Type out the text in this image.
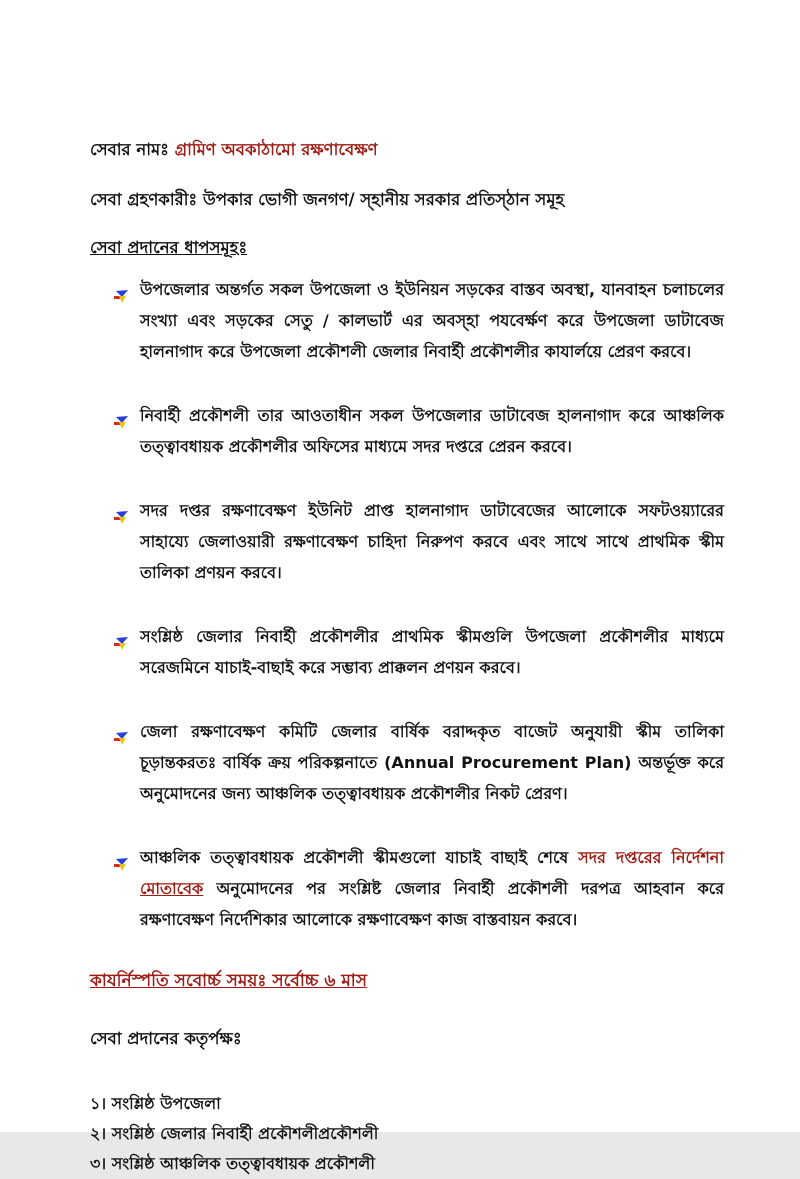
সেবার নামঃ গ্রামিণ অবকাঠামো রক্ষণাবেক্ষণ
সেবা গ্রহণকারীঃ উপকার ভোগী জনগণ/ স্হানীয় সরকার প্রতিস্ঠান সমূহ
সেবা প্রদানের ধাপসমূহঃ
উপজেলার অন্তর্গত সকল উপজেলা ও ইউনিয়ন সড়কের বাস্তব অবস্থা, যানবাহন চলাচলের সংখ্যা এবং সড়কের সেতু / কালভার্ট এর অবস্হা পযবের্ক্ষণ করে উপজেলা ডাটাবেজ হালনাগাদ করে উপজেলা প্রকৌশলী জেলার নিবার্হী প্রকৌশলীর কাযার্লয়ে প্রেরণ করবে।
নিবার্হী প্রকৌশলী তার আওতাধীন সকল উপজেলার ডাটাবেজ হালনাগাদ করে আঞ্চলিক তত্ত্বাবধায়ক প্রকৌশলীর অফিসের মাধ্যমে সদর দপ্তরে প্রেরন করবে।
সদর দপ্তর রক্ষণাবেক্ষণ ইউনিট প্রাপ্ত হালনাগাদ ডাটাবেজের আলোকে সফটওয়্যারের সাহায্যে জেলাওয়ারী রক্ষণাবেক্ষণ চাহিদা নিরুপণ করবে এবং সাথে সাথে প্রাথমিক স্কীম তালিকা প্রণয়ন করবে।
সংশ্লিষ্ঠ জেলার নিবার্হী প্রকৌশলীর প্রাথমিক স্কীমগুলি উপজেলা প্রকৌশলীর মাধ্যমে সরেজমিনে যাচাই-বাছাই করে সম্ভাব্য প্রাক্কলন প্রণয়ন করবে।
জেলা রক্ষণাবেক্ষণ কমিটি জেলার বার্ষিক বরাদ্দকৃত বাজেট অনুযায়ী স্কীম তালিকা চূড়ান্তকরতঃ বার্ষিক ক্রয় পরিকল্পনাতে (Annual Procurement Plan) অন্তর্ভূক্ত করে অনুমোদনের জন্য আঞ্চলিক তত্ত্বাবধায়ক প্রকৌশলীর নিকট প্রেরণ।
আঞ্চলিক তত্ত্বাবধায়ক প্রকৌশলী স্কীমগুলো যাচাই বাছাই শেষে সদর দপ্তরের নির্দেশনা মোতাবেক অনুমোদনের পর সংশ্লিষ্ট জেলার নিবার্হী প্রকৌশলী দরপত্র আহবান করে রক্ষণাবেক্ষণ নির্দেশিকার আলোকে রক্ষণাবেক্ষণ কাজ বাস্তবায়ন করবে।
কাযর্নিস্পতি সবোর্চ্চ সময়ঃ সর্বোচ্চ ৬ মাস
সেবা প্রদানের কতৃর্পক্ষঃ
১। সংশ্লিষ্ঠ উপজেলা
২। সংশ্লিষ্ঠ জেলার নিবার্হী প্রকৌশলীপ্রকৌশলী
৩। সংশ্লিষ্ঠ আঞ্চলিক তত্ত্বাবধায়ক প্রকৌশলী
